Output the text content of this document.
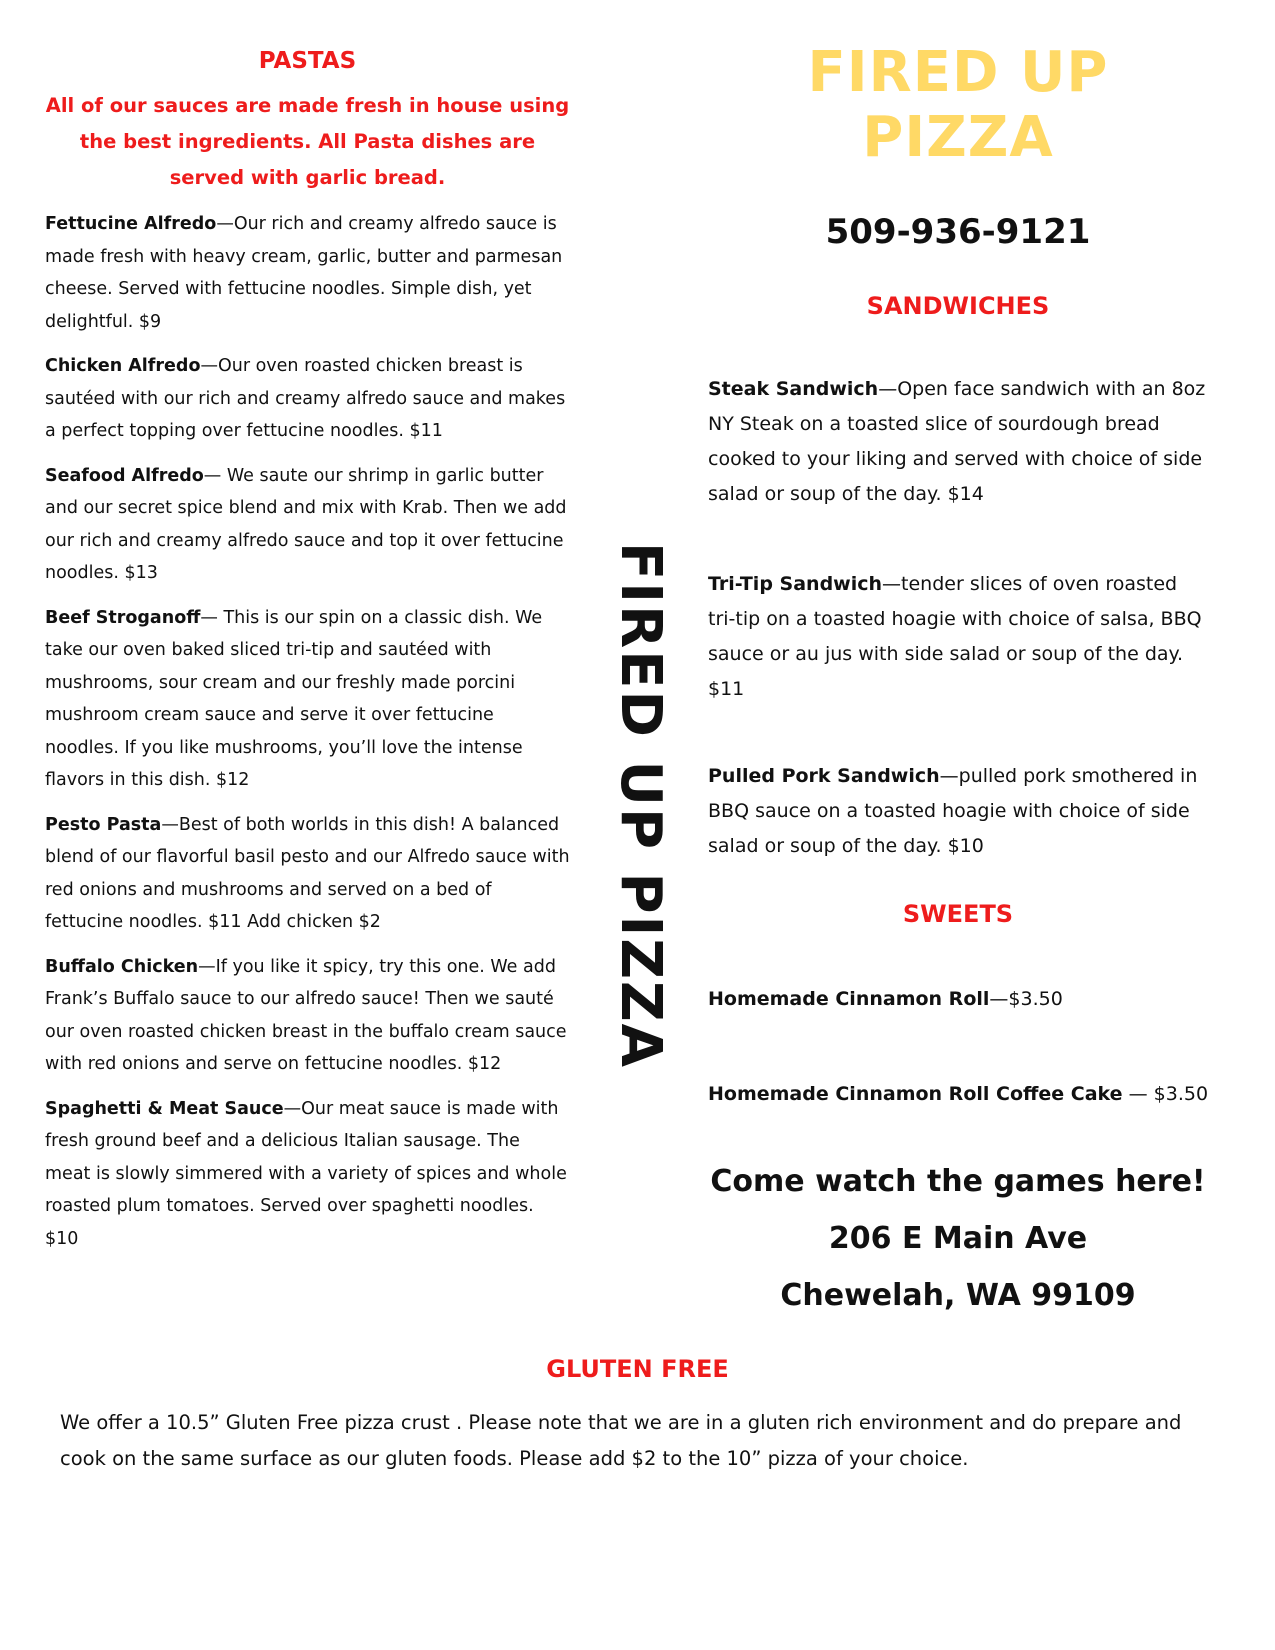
PASTAS
All of our sauces are made fresh in house using the best ingredients. All Pasta dishes are served with garlic bread.
Fettucine Alfredo—Our rich and creamy alfredo sauce is made fresh with heavy cream, garlic, butter and parmesan cheese. Served with fettucine noodles. Simple dish, yet delightful. $9
Chicken Alfredo—Our oven roasted chicken breast is sautéed with our rich and creamy alfredo sauce and makes a perfect topping over fettucine noodles. $11
Seafood Alfredo— We saute our shrimp in garlic butter and our secret spice blend and mix with Krab. Then we add our rich and creamy alfredo sauce and top it over fettucine noodles. $13
Beef Stroganoff— This is our spin on a classic dish. We take our oven baked sliced tri-tip and sautéed with mushrooms, sour cream and our freshly made porcini mushroom cream sauce and serve it over fettucine noodles. If you like mushrooms, you’ll love the intense flavors in this dish. $12
Pesto Pasta—Best of both worlds in this dish! A balanced blend of our flavorful basil pesto and our Alfredo sauce with red onions and mushrooms and served on a bed of fettucine noodles. $11 Add chicken $2
Buffalo Chicken—If you like it spicy, try this one. We add Frank’s Buffalo sauce to our alfredo sauce! Then we sauté our oven roasted chicken breast in the buffalo cream sauce with red onions and serve on fettucine noodles. $12
Spaghetti & Meat Sauce—Our meat sauce is made with fresh ground beef and a delicious Italian sausage. The meat is slowly simmered with a variety of spices and whole roasted plum tomatoes. Served over spaghetti noodles. $10
FIRED UP PIZZA
FIRED UP PIZZA
509-936-9121
SANDWICHES
Steak Sandwich—Open face sandwich with an 8oz NY Steak on a toasted slice of sourdough bread cooked to your liking and served with choice of side salad or soup of the day. $14
Tri-Tip Sandwich—tender slices of oven roasted tri-tip on a toasted hoagie with choice of salsa, BBQ sauce or au jus with side salad or soup of the day. $11
Pulled Pork Sandwich—pulled pork smothered in BBQ sauce on a toasted hoagie with choice of side salad or soup of the day. $10
SWEETS
Homemade Cinnamon Roll—$3.50
Homemade Cinnamon Roll Coffee Cake — $3.50
Come watch the games here!
206 E Main Ave
Chewelah, WA 99109
GLUTEN FREE
We offer a 10.5” Gluten Free pizza crust . Please note that we are in a gluten rich environment and do prepare and cook on the same surface as our gluten foods. Please add $2 to the 10” pizza of your choice.
